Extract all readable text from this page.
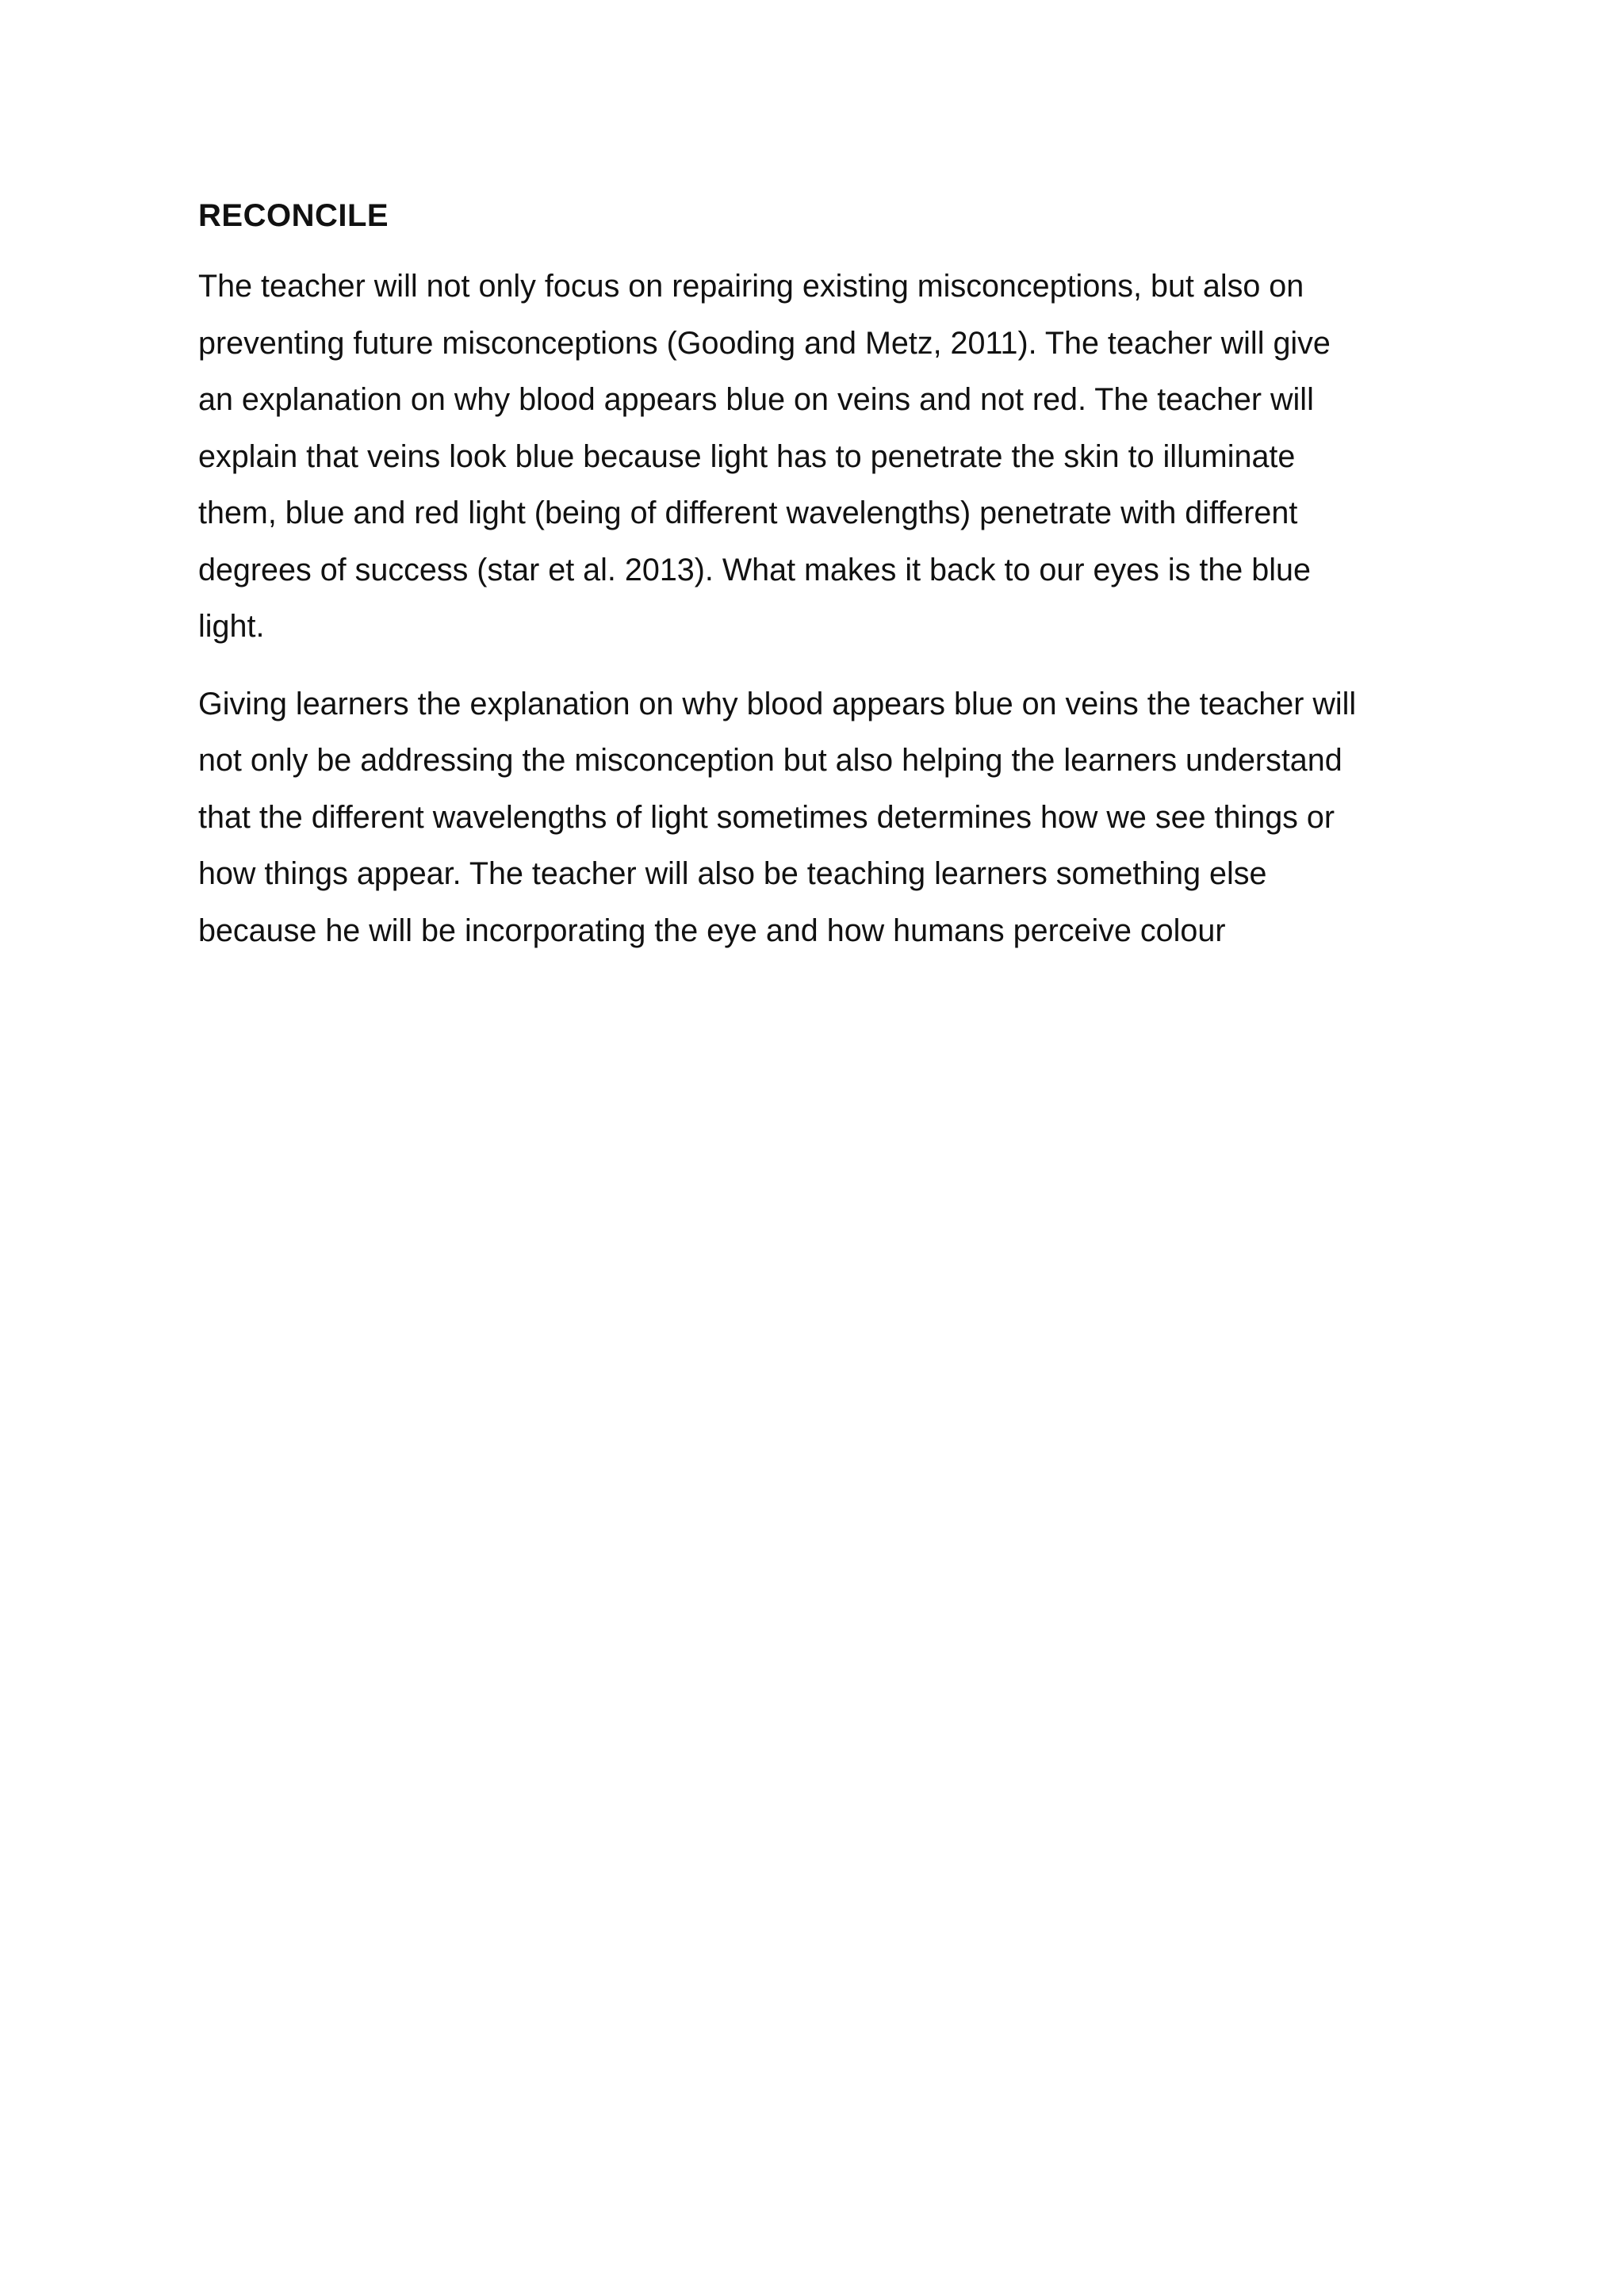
RECONCILE

The teacher will not only focus on repairing existing misconceptions, but also on
preventing future misconceptions (Gooding and Metz, 2011). The teacher will give
an explanation on why blood appears blue on veins and not red. The teacher will
explain that veins look blue because light has to penetrate the skin to illuminate
them, blue and red light (being of different wavelengths) penetrate with different
degrees of success (star et al. 2013). What makes it back to our eyes is the blue
light.

Giving learners the explanation on why blood appears blue on veins the teacher will
not only be addressing the misconception but also helping the learners understand
that the different wavelengths of light sometimes determines how we see things or
how things appear. The teacher will also be teaching learners something else
because he will be incorporating the eye and how humans perceive colour
